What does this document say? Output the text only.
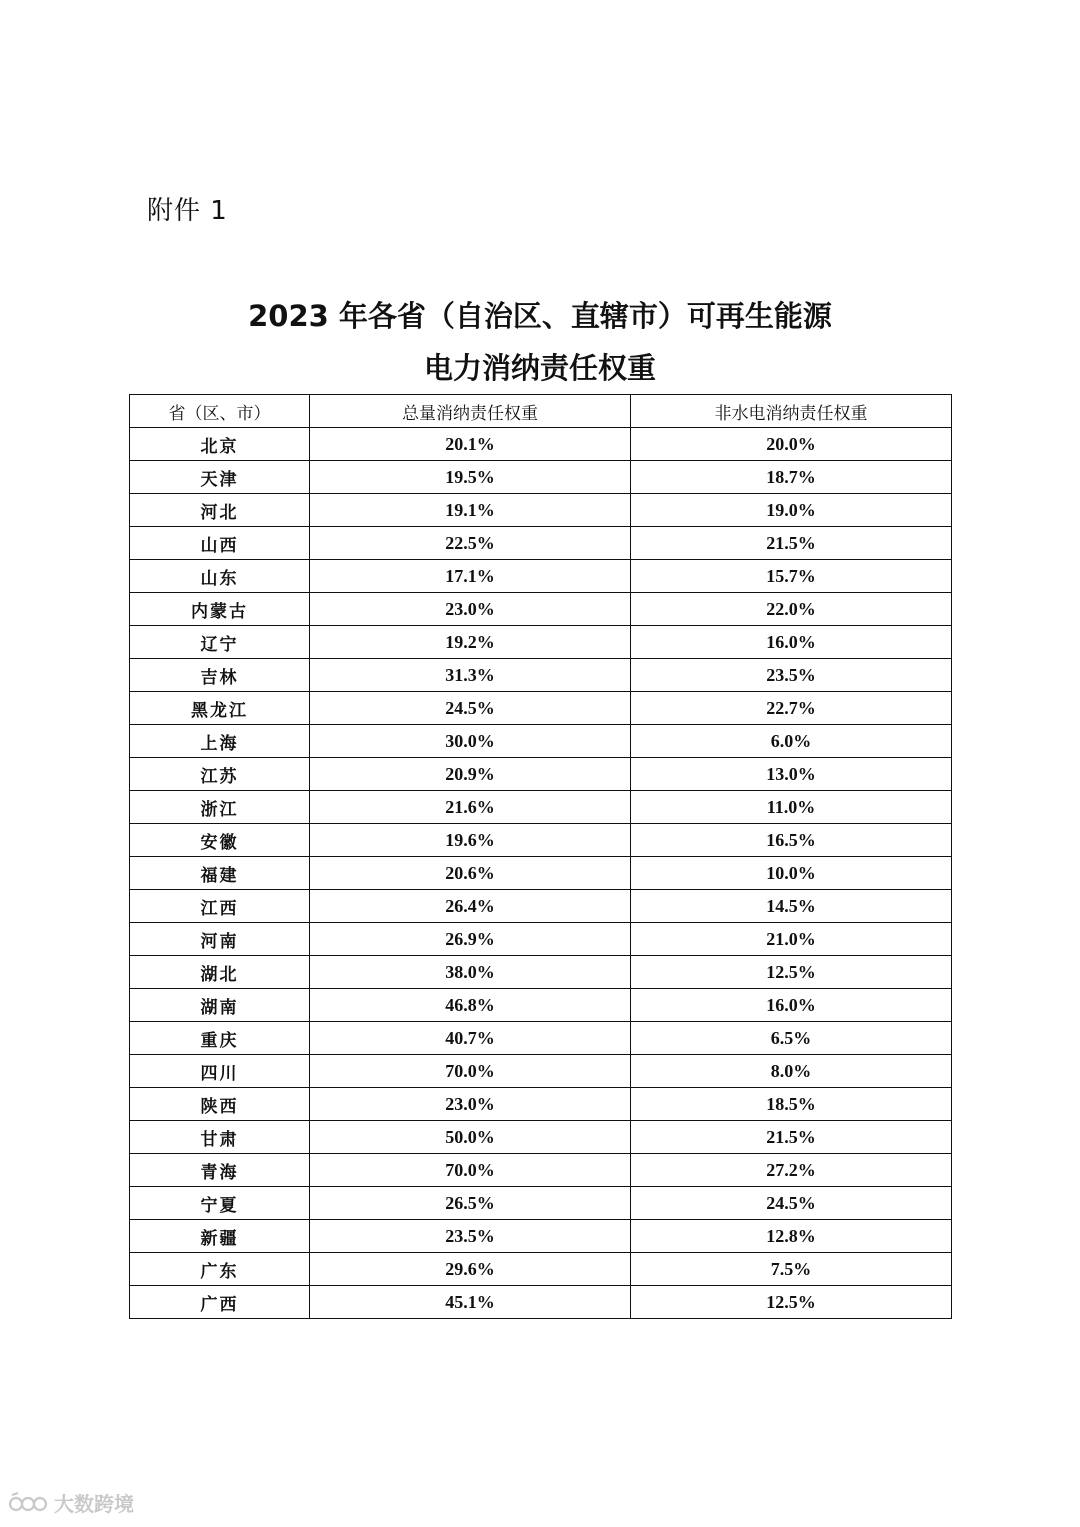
附件 1
2023 年各省（自治区、直辖市）可再生能源
电力消纳责任权重
省（区、市）	总量消纳责任权重	非水电消纳责任权重
北京	20.1%	20.0%
天津	19.5%	18.7%
河北	19.1%	19.0%
山西	22.5%	21.5%
山东	17.1%	15.7%
内蒙古	23.0%	22.0%
辽宁	19.2%	16.0%
吉林	31.3%	23.5%
黑龙江	24.5%	22.7%
上海	30.0%	6.0%
江苏	20.9%	13.0%
浙江	21.6%	11.0%
安徽	19.6%	16.5%
福建	20.6%	10.0%
江西	26.4%	14.5%
河南	26.9%	21.0%
湖北	38.0%	12.5%
湖南	46.8%	16.0%
重庆	40.7%	6.5%
四川	70.0%	8.0%
陕西	23.0%	18.5%
甘肃	50.0%	21.5%
青海	70.0%	27.2%
宁夏	26.5%	24.5%
新疆	23.5%	12.8%
广东	29.6%	7.5%
广西	45.1%	12.5%
大数跨境
